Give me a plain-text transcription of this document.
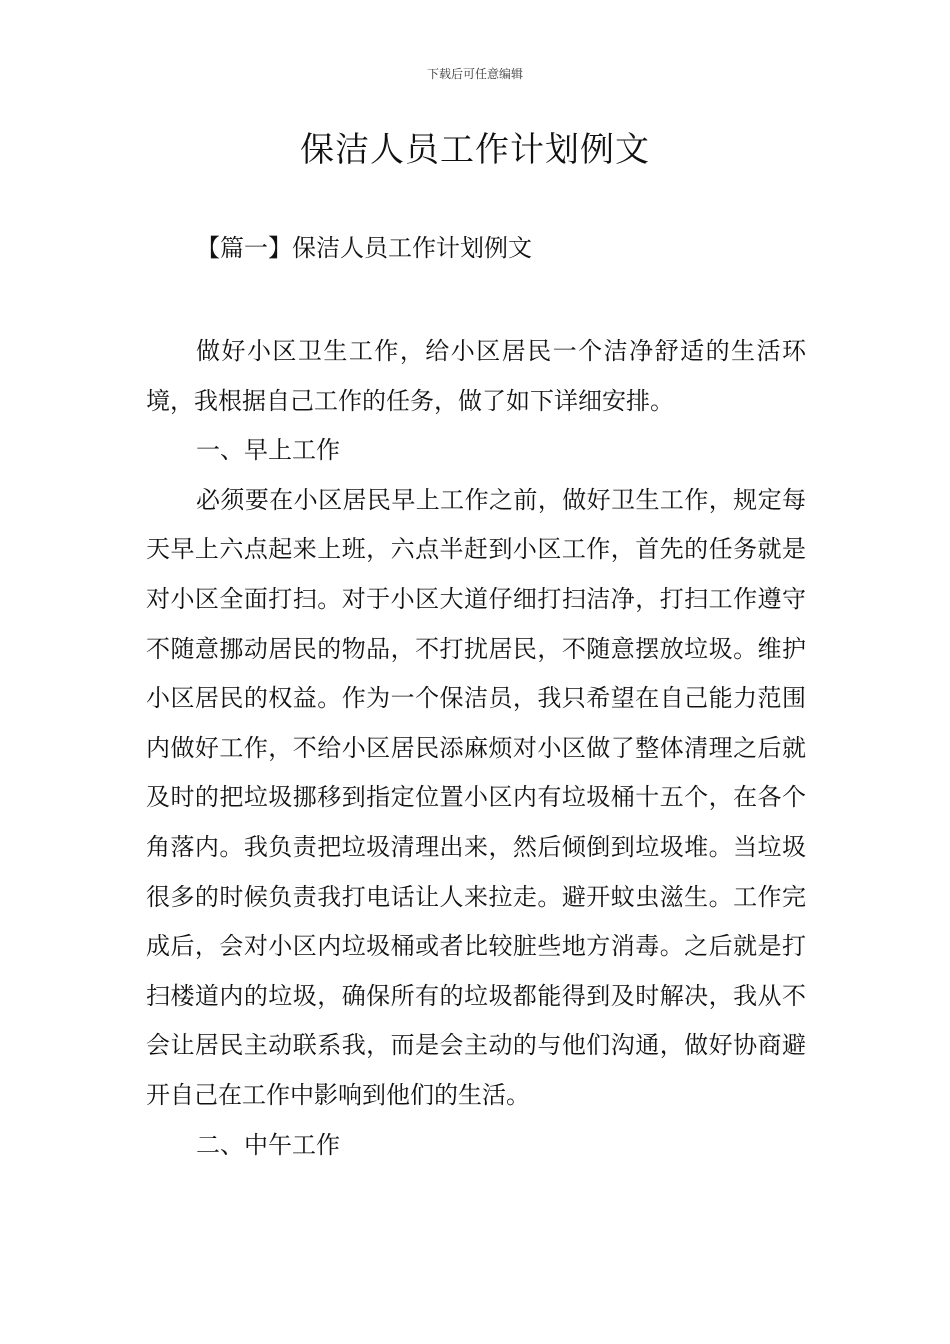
下载后可任意编辑
保洁人员工作计划例文
【篇一】保洁人员工作计划例文

做好小区卫生工作，给小区居民一个洁净舒适的生活环境，我根据自己工作的任务，做了如下详细安排。

一、早上工作

必须要在小区居民早上工作之前，做好卫生工作，规定每天早上六点起来上班，六点半赶到小区工作，首先的任务就是对小区全面打扫。对于小区大道仔细打扫洁净，打扫工作遵守不随意挪动居民的物品，不打扰居民，不随意摆放垃圾。维护小区居民的权益。作为一个保洁员，我只希望在自己能力范围内做好工作，不给小区居民添麻烦对小区做了整体清理之后就及时的把垃圾挪移到指定位置小区内有垃圾桶十五个，在各个角落内。我负责把垃圾清理出来，然后倾倒到垃圾堆。当垃圾很多的时候负责我打电话让人来拉走。避开蚊虫滋生。工作完成后，会对小区内垃圾桶或者比较脏些地方消毒。之后就是打扫楼道内的垃圾，确保所有的垃圾都能得到及时解决，我从不会让居民主动联系我，而是会主动的与他们沟通，做好协商避开自己在工作中影响到他们的生活。

二、中午工作
